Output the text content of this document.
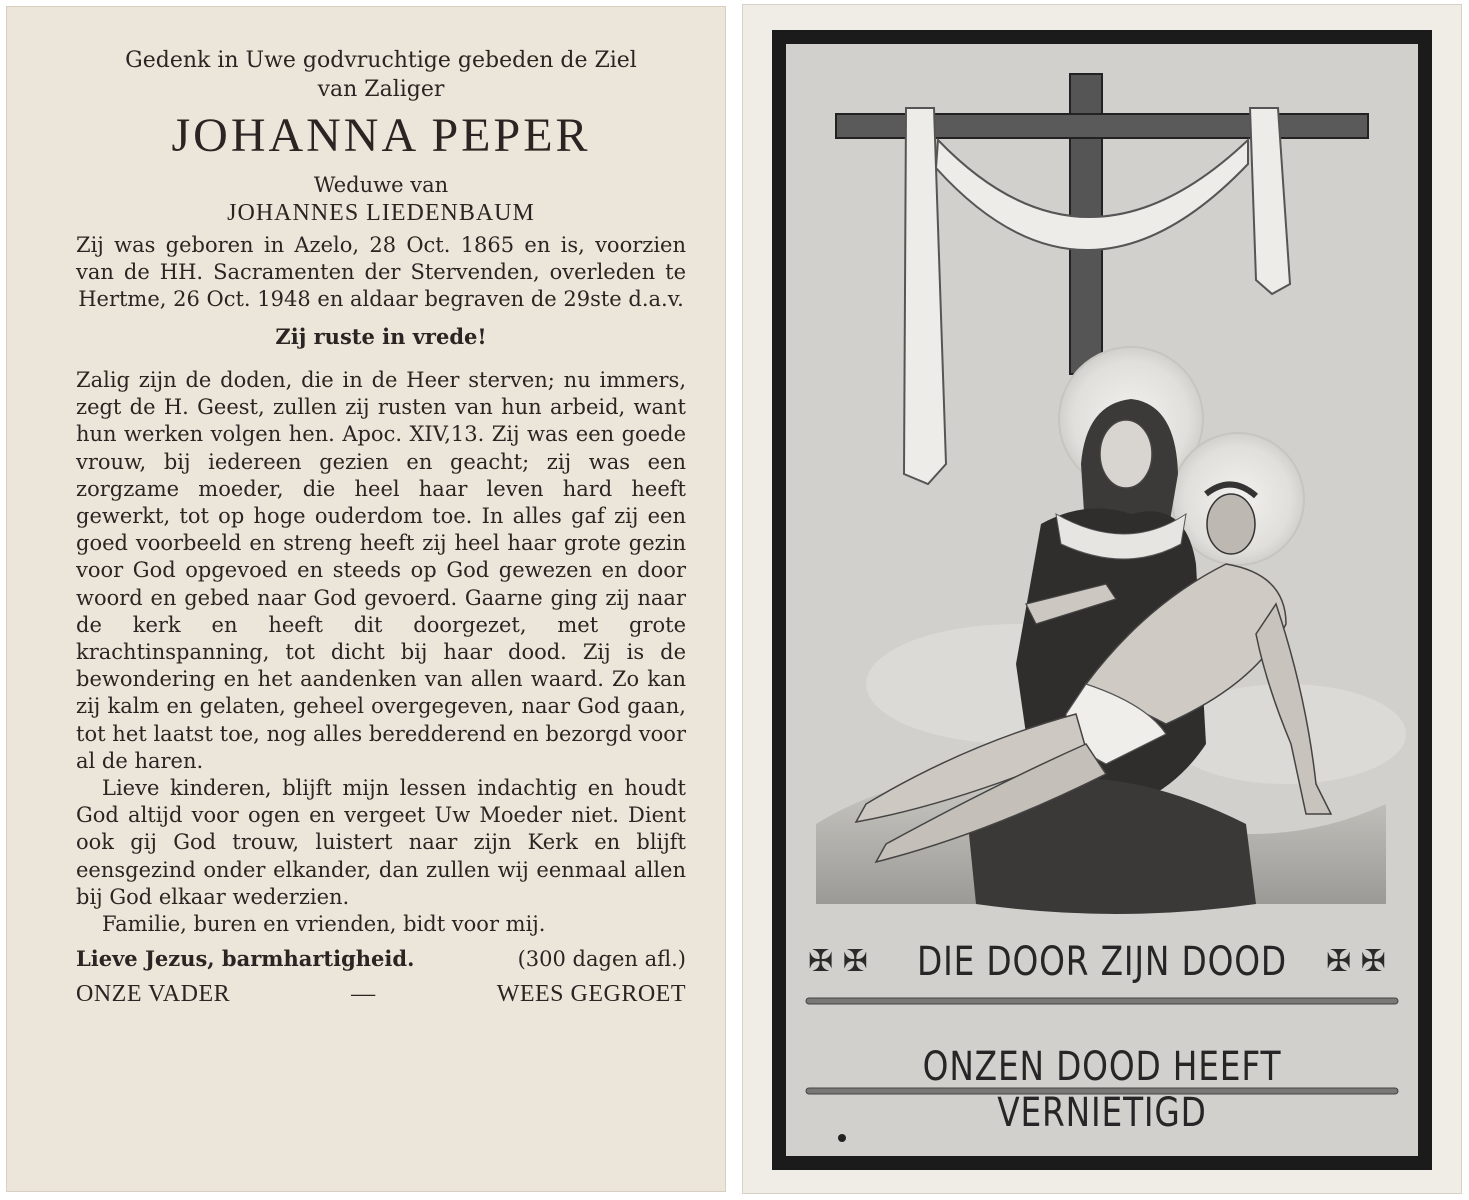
Gedenk in Uwe godvruchtige gebeden de Ziel

van Zaliger

JOHANNA PEPER

Weduwe van

JOHANNES LIEDENBAUM

Zij was geboren in Azelo, 28 Oct. 1865 en is, voorzien van de HH. Sacramenten der Stervenden, overleden te Hertme, 26 Oct. 1948 en aldaar begraven de 29ste d.a.v.

Zij ruste in vrede!

Zalig zijn de doden, die in de Heer sterven; nu immers, zegt de H. Geest, zullen zij rusten van hun arbeid, want hun werken volgen hen. Apoc. XIV,13. Zij was een goede vrouw, bij iedereen gezien en geacht; zij was een zorgzame moeder, die heel haar leven hard heeft gewerkt, tot op hoge ouderdom toe. In alles gaf zij een goed voorbeeld en streng heeft zij heel haar grote gezin voor God opgevoed en steeds op God gewezen en door woord en gebed naar God gevoerd. Gaarne ging zij naar de kerk en heeft dit doorgezet, met grote krachtinspanning, tot dicht bij haar dood. Zij is de bewondering en het aandenken van allen waard. Zo kan zij kalm en gelaten, geheel overgegeven, naar God gaan, tot het laatst toe, nog alles beredderend en bezorgd voor al de haren.

Lieve kinderen, blijft mijn lessen indachtig en houdt God altijd voor ogen en vergeet Uw Moeder niet. Dient ook gij God trouw, luistert naar zijn Kerk en blijft eensgezind onder elkander, dan zullen wij eenmaal allen bij God elkaar wederzien.

Familie, buren en vrienden, bidt voor mij.

Lieve Jezus, barmhartigheid.	(300 dagen afl.)
ONZE VADER	—	WEES GEGROET
DIE DOOR ZIJN DOOD
✠ ✠	✠ ✠
ONZEN DOOD HEEFT VERNIETIGD
